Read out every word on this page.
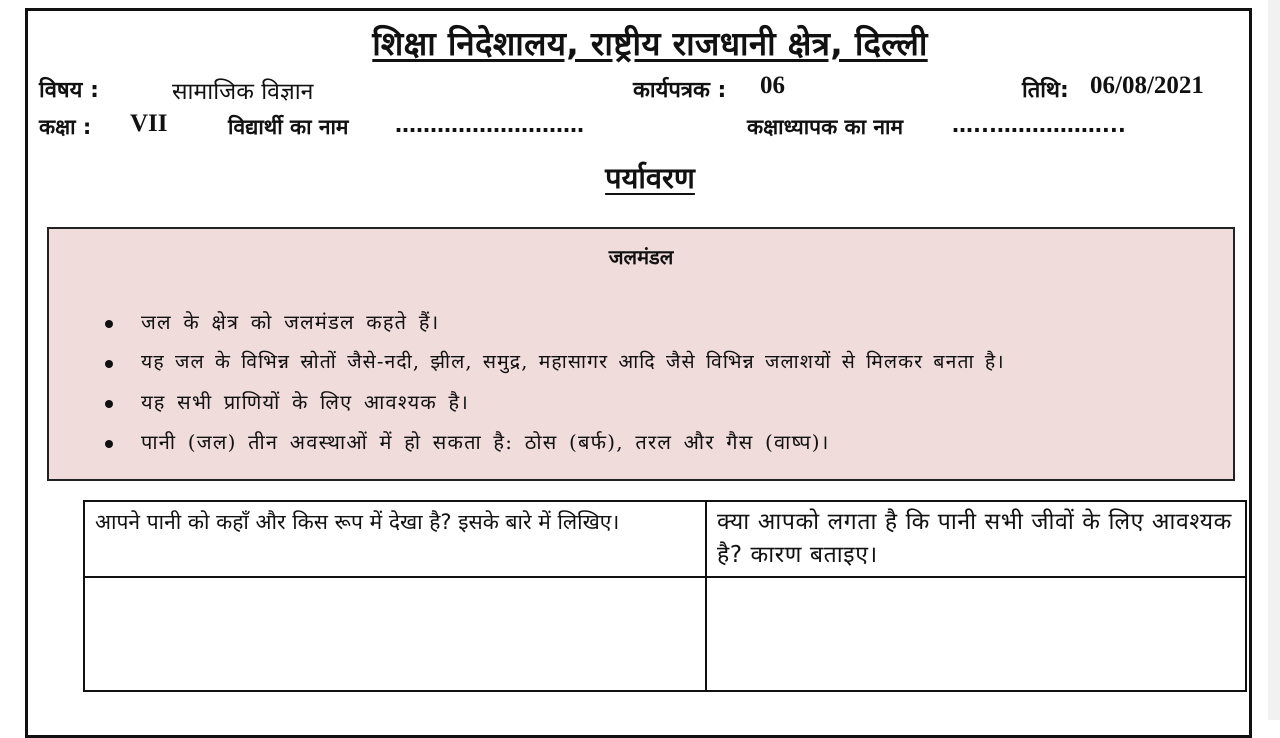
शिक्षा निदेशालय, राष्ट्रीय राजधानी क्षेत्र, दिल्ली
विषय :	सामाजिक विज्ञान	कार्यपत्रक : 06	तिथि: 06/08/2021
कक्षा : VII	विद्यार्थी का नाम ………………………	कक्षाध्यापक का नाम …...……………...
पर्यावरण
जलमंडल
जल के क्षेत्र को जलमंडल कहते हैं।
यह जल के विभिन्न स्रोतों जैसे-नदी, झील, समुद्र, महासागर आदि जैसे विभिन्न जलाशयों से मिलकर बनता है।
यह सभी प्राणियों के लिए आवश्यक है।
पानी (जल) तीन अवस्थाओं में हो सकता है: ठोस (बर्फ), तरल और गैस (वाष्प)।
आपने पानी को कहाँ और किस रूप में देखा है? इसके बारे में लिखिए।	क्या आपको लगता है कि पानी सभी जीवों के लिए आवश्यक है? कारण बताइए।
